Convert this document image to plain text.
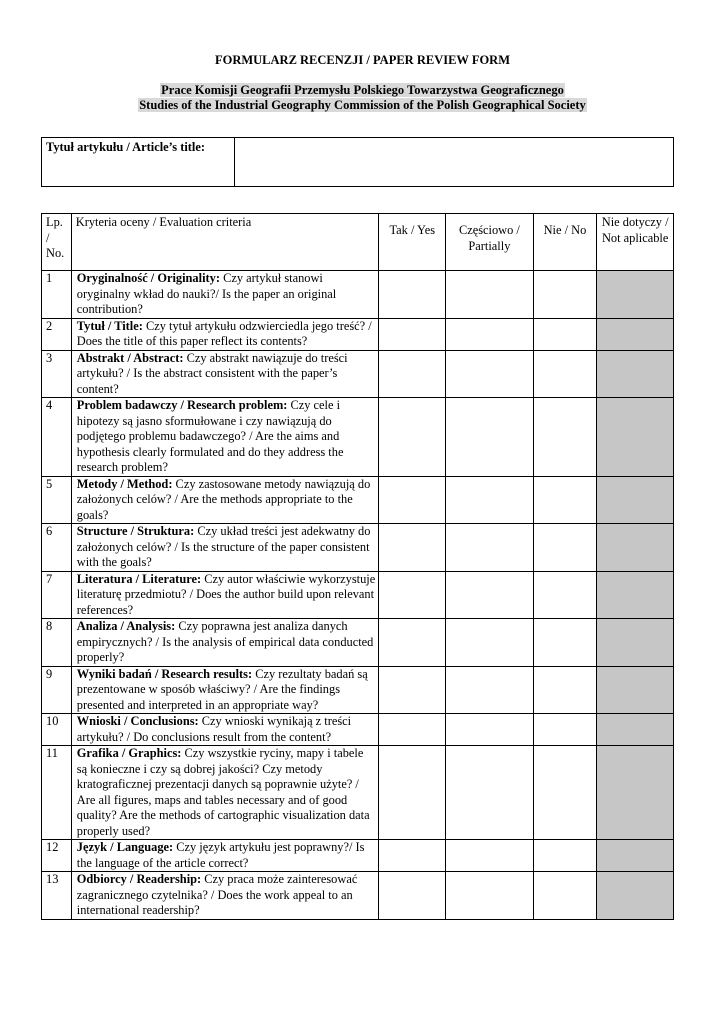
FORMULARZ RECENZJI / PAPER REVIEW FORM
Prace Komisji Geografii Przemysłu Polskiego Towarzystwa Geograficznego
Studies of the Industrial Geography Commission of the Polish Geographical Society
Tytuł artykułu / Article’s title:	
Lp. / No.	Kryteria oceny / Evaluation criteria	Tak / Yes	Częściowo / Partially	Nie / No	Nie dotyczy / Not aplicable
1	Oryginalność / Originality: Czy artykuł stanowi oryginalny wkład do nauki?/ Is the paper an original contribution?				
2	Tytuł / Title: Czy tytuł artykułu odzwierciedla jego treść? / Does the title of this paper reflect its contents?				
3	Abstrakt / Abstract: Czy abstrakt nawiązuje do treści artykułu? / Is the abstract consistent with the paper’s content?				
4	Problem badawczy / Research problem: Czy cele i hipotezy są jasno sformułowane i czy nawiązują do podjętego problemu badawczego? / Are the aims and hypothesis clearly formulated and do they address the research problem?				
5	Metody / Method: Czy zastosowane metody nawiązują do założonych celów? / Are the methods appropriate to the goals?				
6	Structure / Struktura: Czy układ treści jest adekwatny do założonych celów? / Is the structure of the paper consistent with the goals?				
7	Literatura / Literature: Czy autor właściwie wykorzystuje literaturę przedmiotu? / Does the author build upon relevant references?				
8	Analiza / Analysis: Czy poprawna jest analiza danych empirycznych? / Is the analysis of empirical data conducted properly?				
9	Wyniki badań / Research results: Czy rezultaty badań są prezentowane w sposób właściwy? / Are the findings presented and interpreted in an appropriate way?				
10	Wnioski / Conclusions: Czy wnioski wynikają z treści artykułu? / Do conclusions result from the content?				
11	Grafika / Graphics: Czy wszystkie ryciny, mapy i tabele są konieczne i czy są dobrej jakości? Czy metody kratograficznej prezentacji danych są poprawnie użyte? / Are all figures, maps and tables necessary and of good quality? Are the methods of cartographic visualization data properly used?				
12	Język / Language: Czy język artykułu jest poprawny?/ Is the language of the article correct?				
13	Odbiorcy / Readership: Czy praca może zainteresować zagranicznego czytelnika? / Does the work appeal to an international readership?				
